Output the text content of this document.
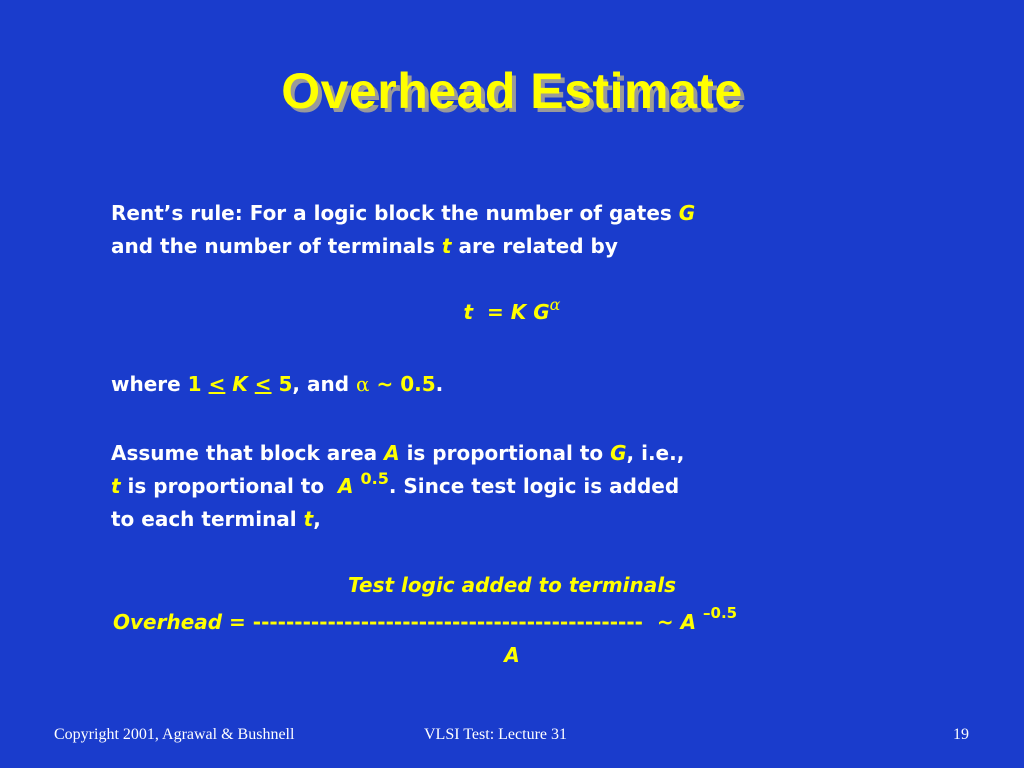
Overhead Estimate
Rent’s rule: For a logic block the number of gates G
and the number of terminals t are related by
t = K $G^\alpha$
where 1 < K < 5, and α ~ 0.5.
Assume that block area A is proportional to G, i.e.,
t is proportional to  A $^{0.5}$. Since test logic is added
to each terminal t,
Test logic added to terminals
Overhead = -----------------------------------------------  ~ A $^{-0.5}$
A
Copyright 2001, Agrawal & Bushnell	VLSI Test: Lecture 31	19
